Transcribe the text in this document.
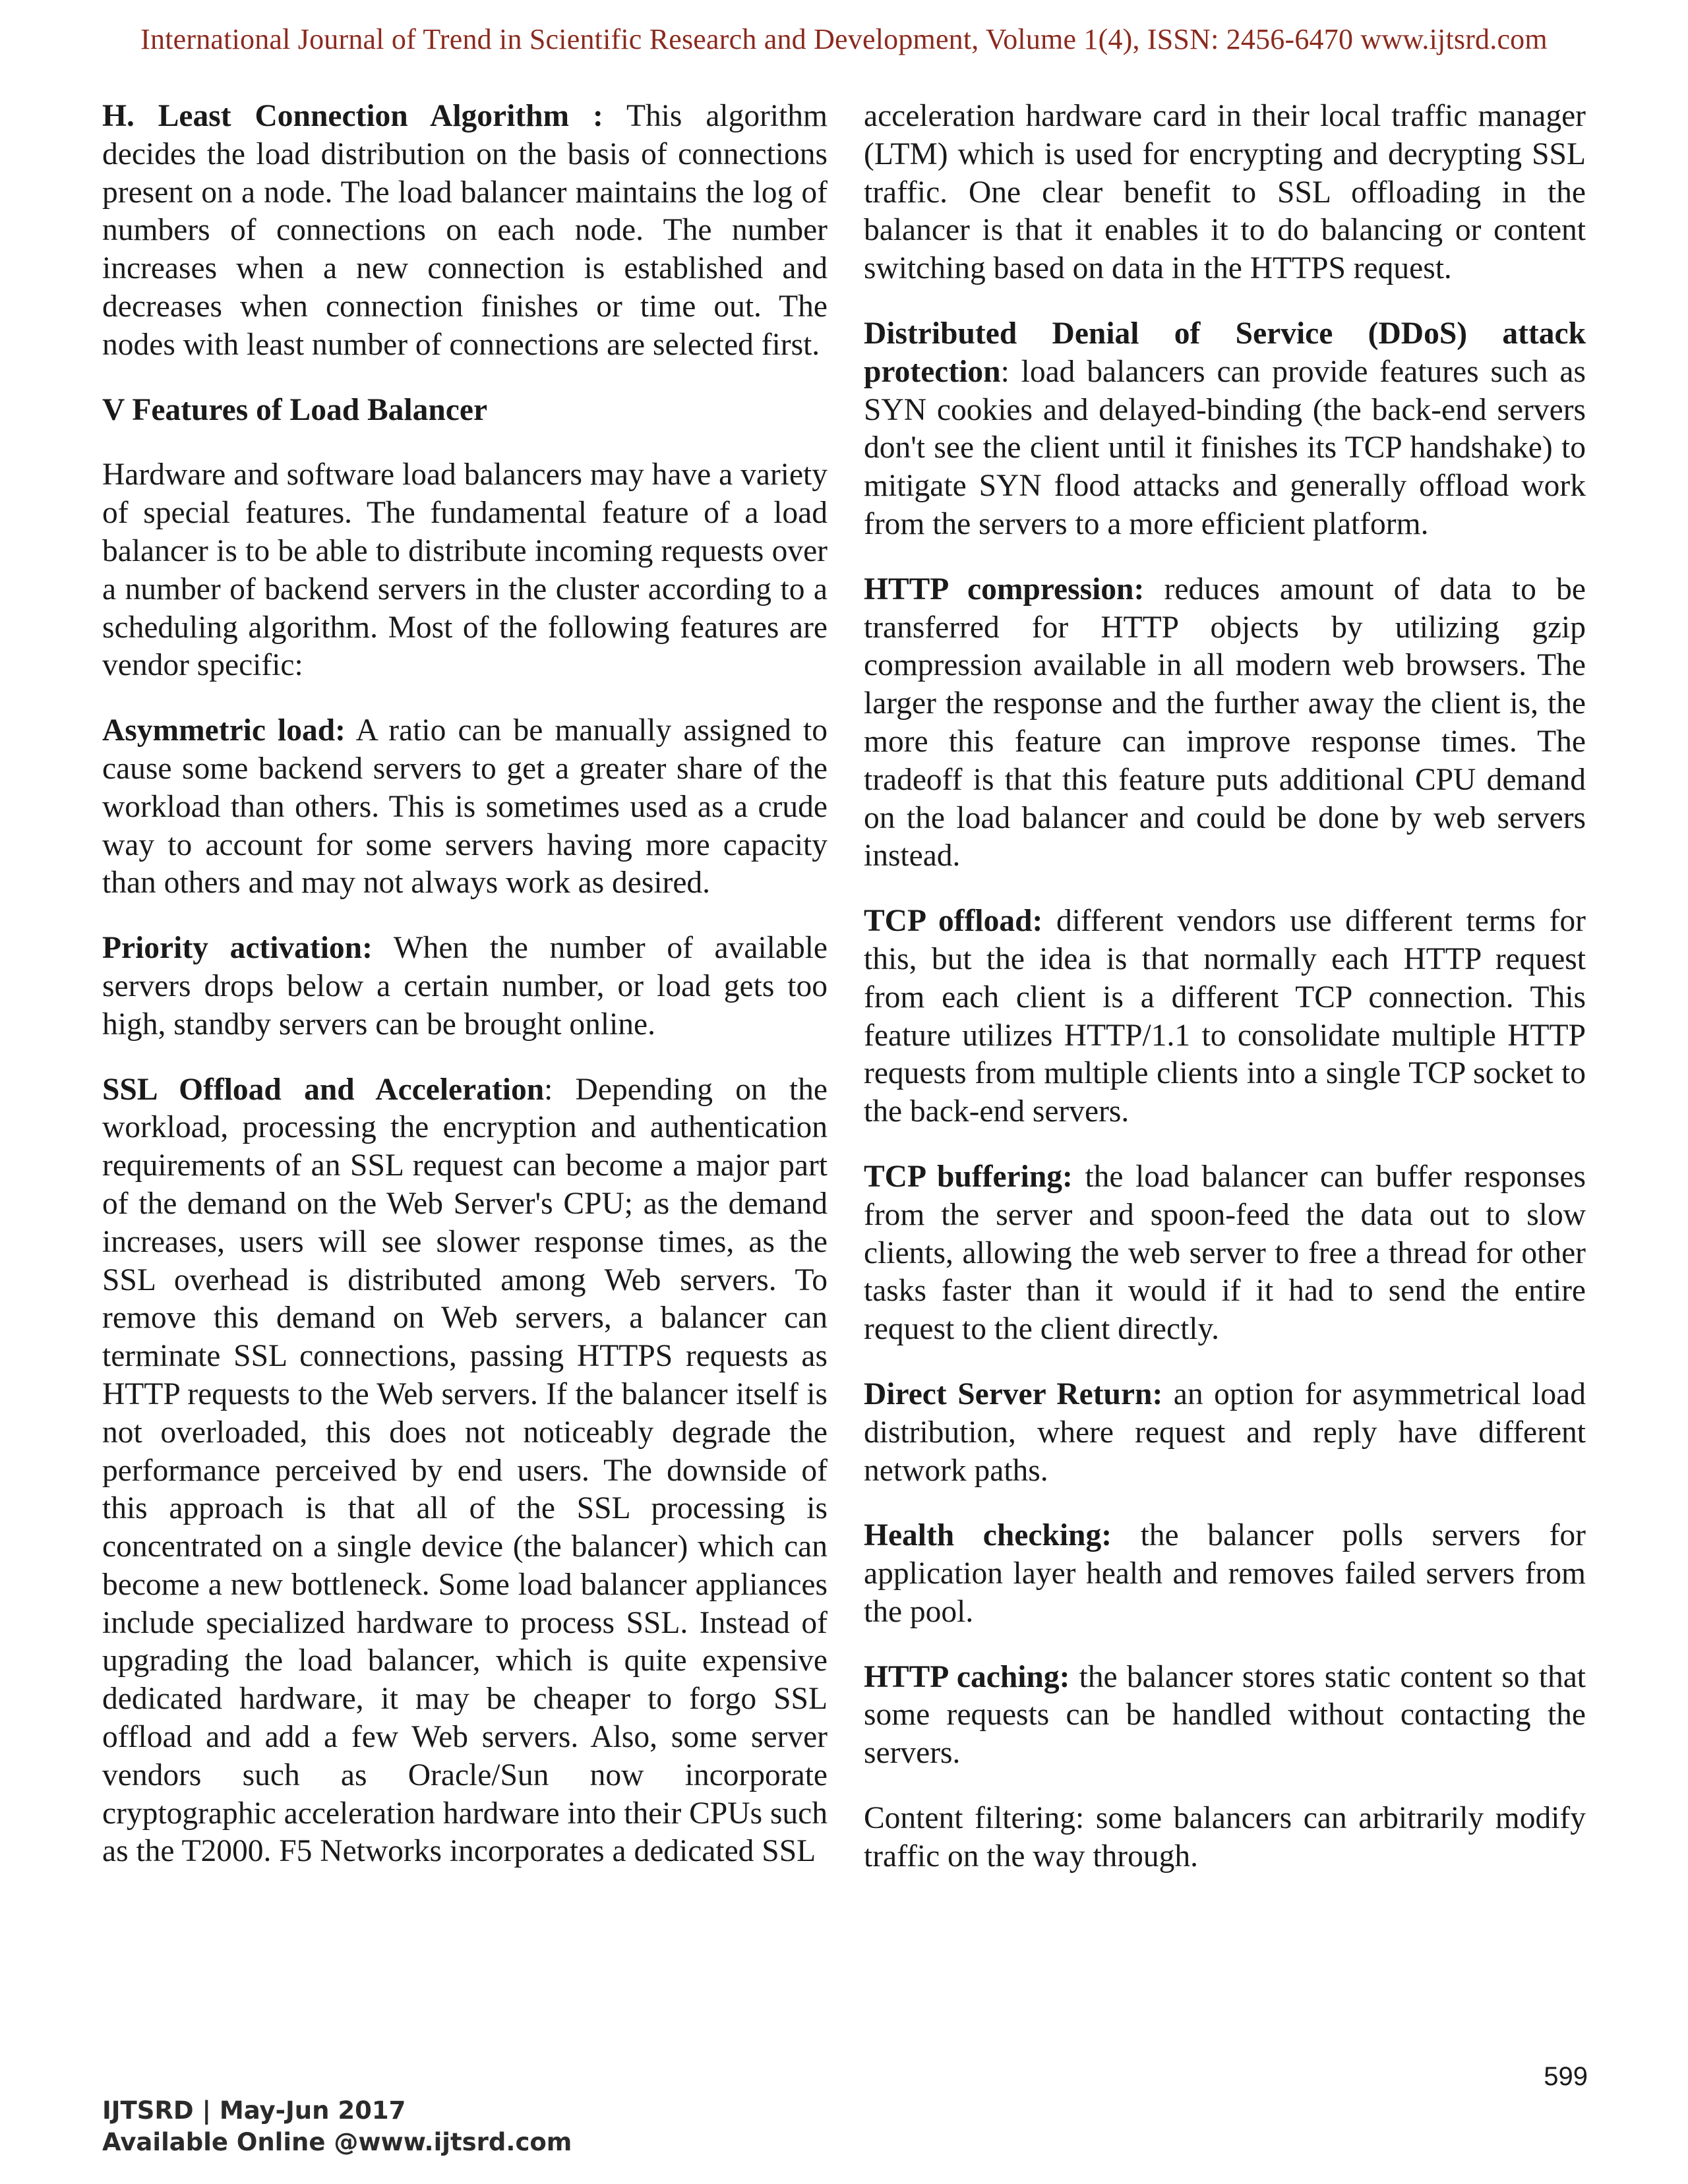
International Journal of Trend in Scientific Research and Development, Volume 1(4), ISSN: 2456-6470 www.ijtsrd.com

H. Least Connection Algorithm : This algorithm decides the load distribution on the basis of connections present on a node. The load balancer maintains the log of numbers of connections on each node. The number increases when a new connection is established and decreases when connection finishes or time out. The nodes with least number of connections are selected first.

V Features of Load Balancer

Hardware and software load balancers may have a variety of special features. The fundamental feature of a load balancer is to be able to distribute incoming requests over a number of backend servers in the cluster according to a scheduling algorithm. Most of the following features are vendor specific:

Asymmetric load: A ratio can be manually assigned to cause some backend servers to get a greater share of the workload than others. This is sometimes used as a crude way to account for some servers having more capacity than others and may not always work as desired.

Priority activation: When the number of available servers drops below a certain number, or load gets too high, standby servers can be brought online.

SSL Offload and Acceleration: Depending on the workload, processing the encryption and authentication requirements of an SSL request can become a major part of the demand on the Web Server's CPU; as the demand increases, users will see slower response times, as the SSL overhead is distributed among Web servers. To remove this demand on Web servers, a balancer can terminate SSL connections, passing HTTPS requests as HTTP requests to the Web servers. If the balancer itself is not overloaded, this does not noticeably degrade the performance perceived by end users. The downside of this approach is that all of the SSL processing is concentrated on a single device (the balancer) which can become a new bottleneck. Some load balancer appliances include specialized hardware to process SSL. Instead of upgrading the load balancer, which is quite expensive dedicated hardware, it may be cheaper to forgo SSL offload and add a few Web servers. Also, some server vendors such as Oracle/Sun now incorporate cryptographic acceleration hardware into their CPUs such as the T2000. F5 Networks incorporates a dedicated SSL

acceleration hardware card in their local traffic manager (LTM) which is used for encrypting and decrypting SSL traffic. One clear benefit to SSL offloading in the balancer is that it enables it to do balancing or content switching based on data in the HTTPS request.

Distributed Denial of Service (DDoS) attack protection: load balancers can provide features such as SYN cookies and delayed-binding (the back-end servers don't see the client until it finishes its TCP handshake) to mitigate SYN flood attacks and generally offload work from the servers to a more efficient platform.

HTTP compression: reduces amount of data to be transferred for HTTP objects by utilizing gzip compression available in all modern web browsers. The larger the response and the further away the client is, the more this feature can improve response times. The tradeoff is that this feature puts additional CPU demand on the load balancer and could be done by web servers instead.

TCP offload: different vendors use different terms for this, but the idea is that normally each HTTP request from each client is a different TCP connection. This feature utilizes HTTP/1.1 to consolidate multiple HTTP requests from multiple clients into a single TCP socket to the back-end servers.

TCP buffering: the load balancer can buffer responses from the server and spoon-feed the data out to slow clients, allowing the web server to free a thread for other tasks faster than it would if it had to send the entire request to the client directly.

Direct Server Return: an option for asymmetrical load distribution, where request and reply have different network paths.

Health checking: the balancer polls servers for application layer health and removes failed servers from the pool.

HTTP caching: the balancer stores static content so that some requests can be handled without contacting the servers.

Content filtering: some balancers can arbitrarily modify traffic on the way through.

599
IJTSRD | May-Jun 2017
Available Online @www.ijtsrd.com
